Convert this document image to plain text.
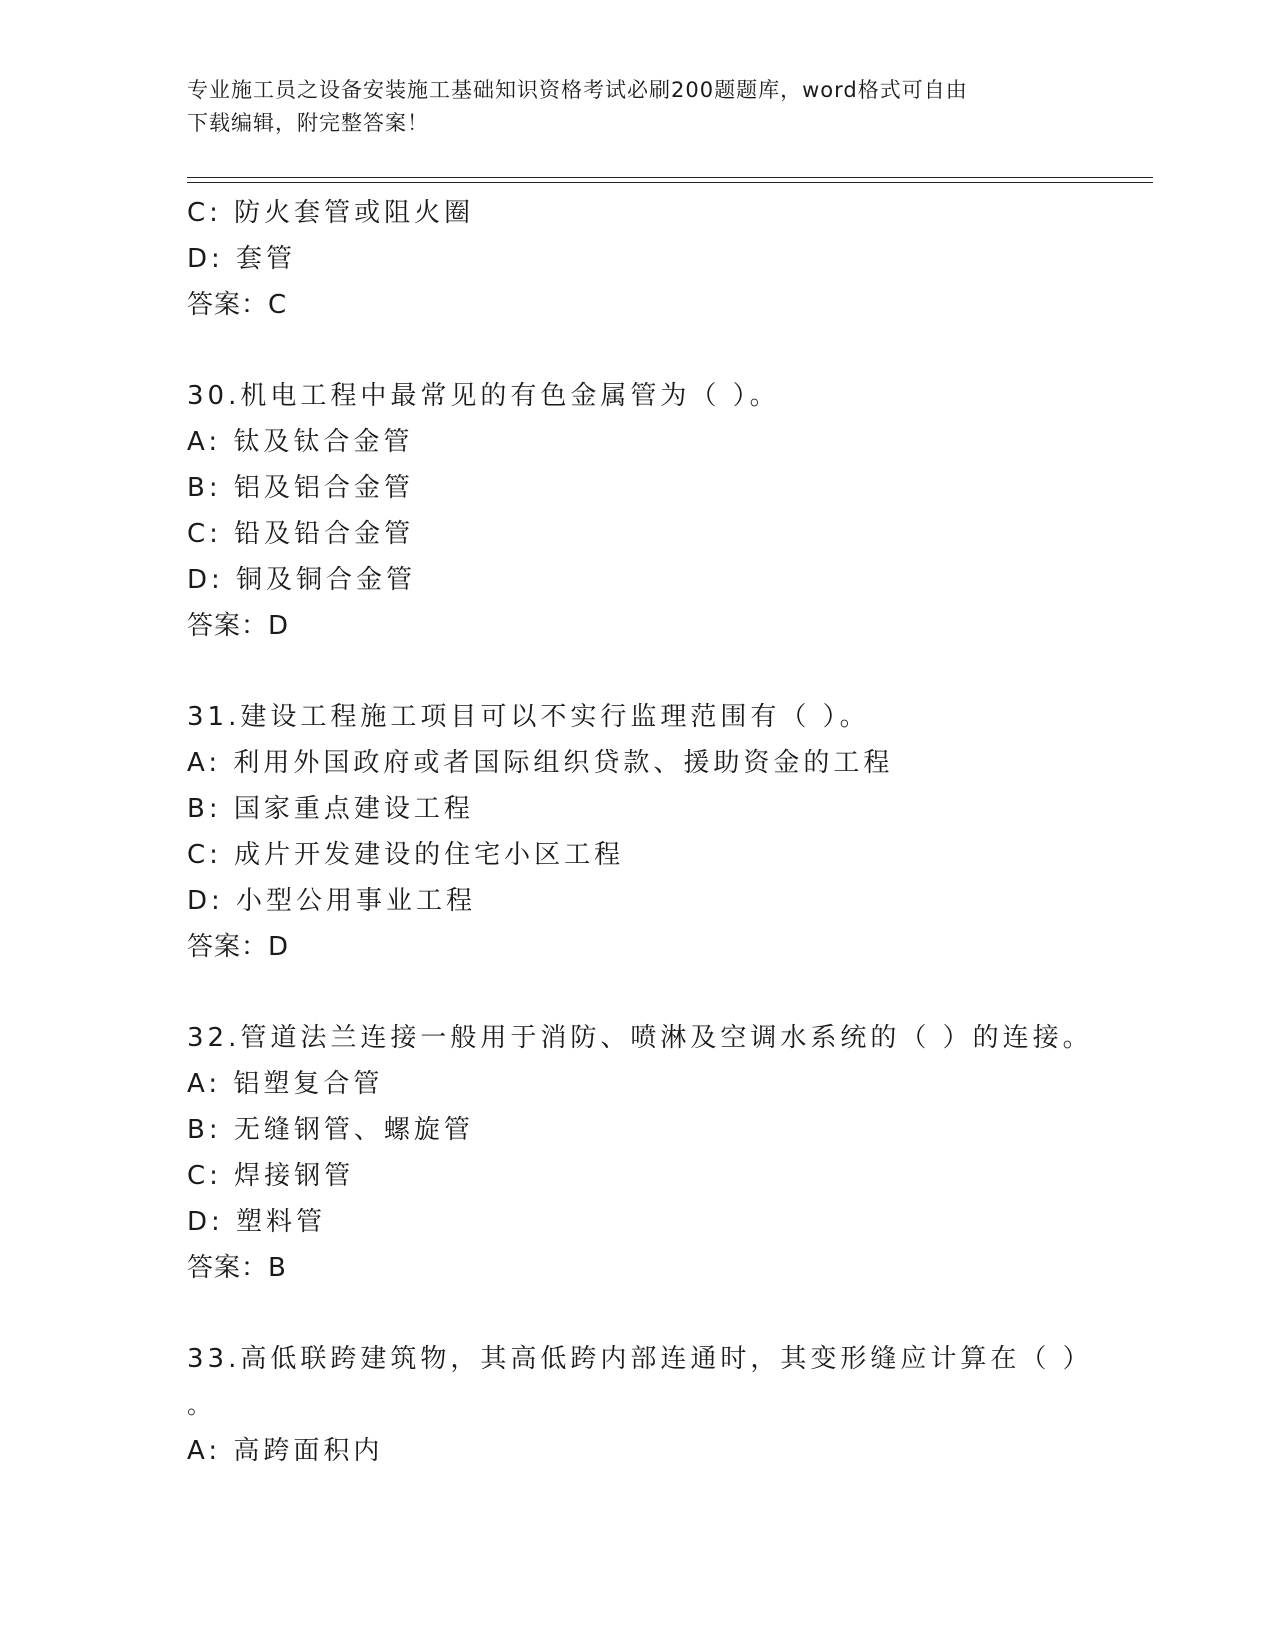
专业施工员之设备安装施工基础知识资格考试必刷200题题库，word格式可自由
下载编辑，附完整答案！
C: 防火套管或阻火圈
D: 套管
答案：C
30.机电工程中最常见的有色金属管为（ ）。
A: 钛及钛合金管
B: 铝及铝合金管
C: 铅及铅合金管
D: 铜及铜合金管
答案：D
31.建设工程施工项目可以不实行监理范围有（ ）。
A: 利用外国政府或者国际组织贷款、援助资金的工程
B: 国家重点建设工程
C: 成片开发建设的住宅小区工程
D: 小型公用事业工程
答案：D
32.管道法兰连接一般用于消防、喷淋及空调水系统的（ ）的连接。
A: 铝塑复合管
B: 无缝钢管、螺旋管
C: 焊接钢管
D: 塑料管
答案：B
33.高低联跨建筑物，其高低跨内部连通时，其变形缝应计算在（ ）
。
A: 高跨面积内
